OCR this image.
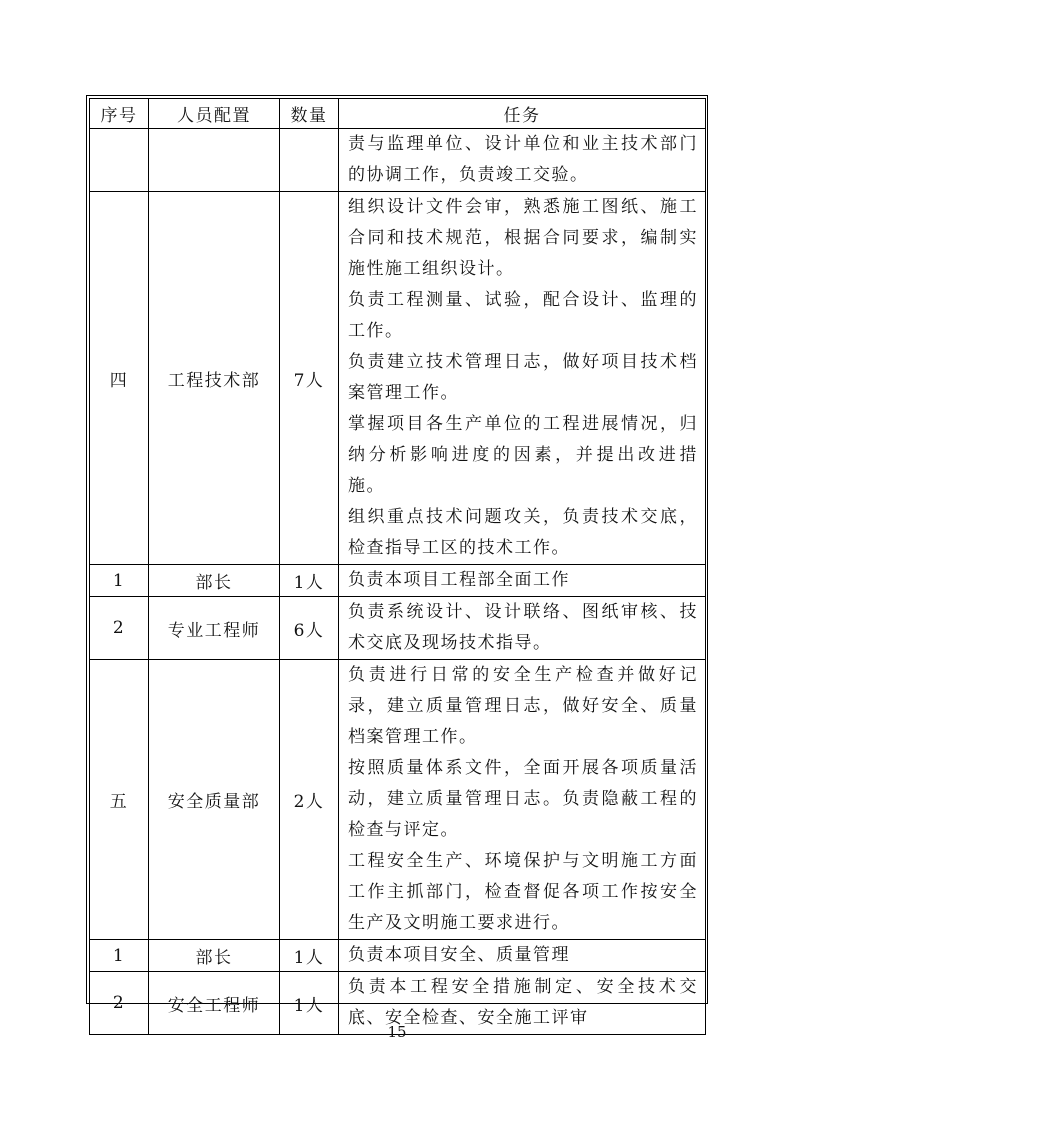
序号	人员配置	数量	任务

			责与监理单位、设计单位和业主技术部门的协调工作，负责竣工交验。

四	工程技术部	7人	组织设计文件会审，熟悉施工图纸、施工合同和技术规范，根据合同要求，编制实施性施工组织设计。
负责工程测量、试验，配合设计、监理的工作。
负责建立技术管理日志，做好项目技术档案管理工作。
掌握项目各生产单位的工程进展情况，归纳分析影响进度的因素，并提出改进措施。
组织重点技术问题攻关，负责技术交底，检查指导工区的技术工作。

1	部长	1人	负责本项目工程部全面工作

2	专业工程师	6人	负责系统设计、设计联络、图纸审核、技术交底及现场技术指导。

五	安全质量部	2人	负责进行日常的安全生产检查并做好记录，建立质量管理日志，做好安全、质量档案管理工作。
按照质量体系文件，全面开展各项质量活动，建立质量管理日志。负责隐蔽工程的检查与评定。
工程安全生产、环境保护与文明施工方面工作主抓部门，检查督促各项工作按安全生产及文明施工要求进行。

1	部长	1人	负责本项目安全、质量管理

2	安全工程师	1人	负责本工程安全措施制定、安全技术交底、安全检查、安全施工评审
15
